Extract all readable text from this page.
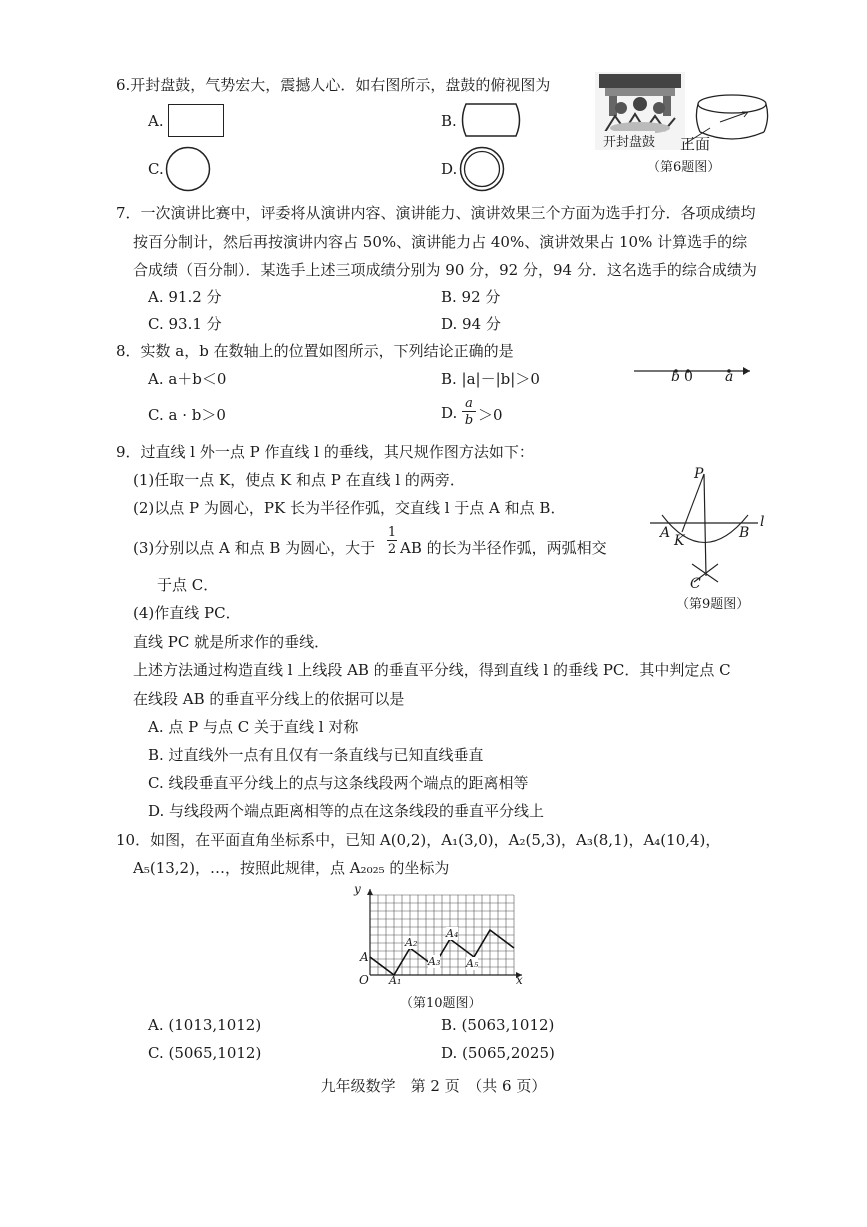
6.开封盘鼓，气势宏大，震撼人心．如右图所示，盘鼓的俯视图为
A.	B.
C.	D.
开封盘鼓 正面
（第6题图）
7．一次演讲比赛中，评委将从演讲内容、演讲能力、演讲效果三个方面为选手打分．各项成绩均
按百分制计，然后再按演讲内容占 50%、演讲能力占 40%、演讲效果占 10% 计算选手的综
合成绩（百分制）．某选手上述三项成绩分别为 90 分，92 分，94 分．这名选手的综合成绩为
A. 91.2 分	B. 92 分
C. 93.1 分	D. 94 分
8．实数 a，b 在数轴上的位置如图所示，下列结论正确的是
A. a＋b＜0	B. |a|－|b|＞0
C. a · b＞0	D.
a
b ＞0
b 0 a
9．过直线 l 外一点 P 作直线 l 的垂线，其尺规作图方法如下：
(1)任取一点 K，使点 K 和点 P 在直线 l 的两旁．
(2)以点 P 为圆心，PK 长为半径作弧，交直线 l 于点 A 和点 B．
(3)分别以点 A 和点 B 为圆心，大于
1
2 AB 的长为半径作弧，两弧相交
于点 C．
(4)作直线 PC．
直线 PC 就是所求作的垂线．
上述方法通过构造直线 l 上线段 AB 的垂直平分线，得到直线 l 的垂线 PC．其中判定点 C
在线段 AB 的垂直平分线上的依据可以是
A. 点 P 与点 C 关于直线 l 对称
B. 过直线外一点有且仅有一条直线与已知直线垂直
C. 线段垂直平分线上的点与这条线段两个端点的距离相等
D. 与线段两个端点距离相等的点在这条线段的垂直平分线上
P
l
A K	B
C
（第9题图）
10．如图，在平面直角坐标系中，已知 A(0,2)，A₁(3,0)，A₂(5,3)，A₃(8,1)，A₄(10,4)，
A₅(13,2)，…，按照此规律，点 A₂₀₂₅ 的坐标为
y
x
O
A
A₁
A₂
A₃
A₄
A₅
（第10题图）
A. (1013,1012)	B. (5063,1012)
C. (5065,1012)	D. (5065,2025)
九年级数学　第 2 页　（共 6 页）
